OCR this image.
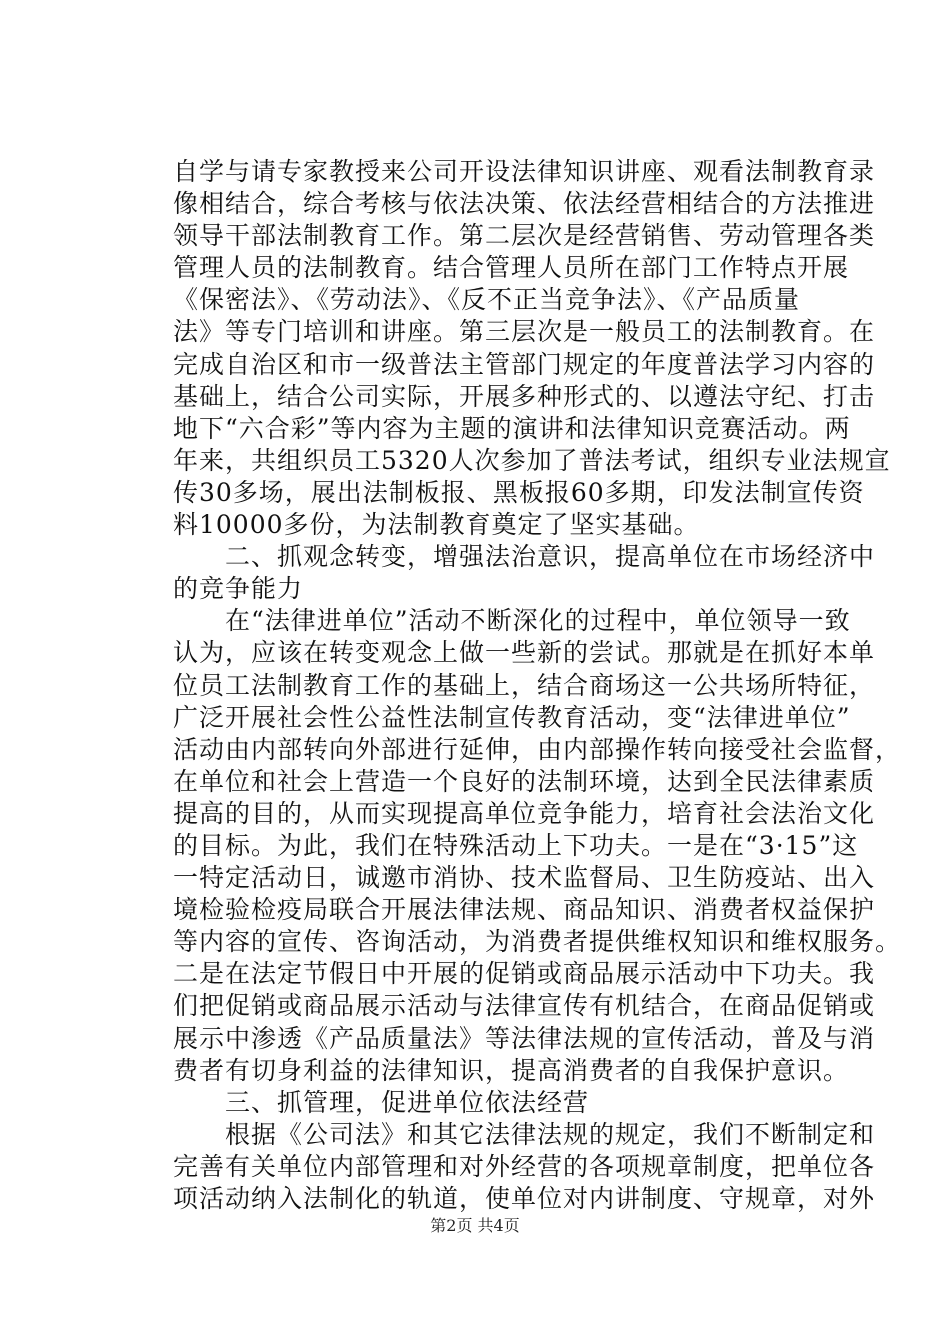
自学与请专家教授来公司开设法律知识讲座、观看法制教育录
像相结合，综合考核与依法决策、依法经营相结合的方法推进
领导干部法制教育工作。第二层次是经营销售、劳动管理各类
管理人员的法制教育。结合管理人员所在部门工作特点开展
《保密法》、《劳动法》、《反不正当竞争法》、《产品质量
法》等专门培训和讲座。第三层次是一般员工的法制教育。在
完成自治区和市一级普法主管部门规定的年度普法学习内容的
基础上，结合公司实际，开展多种形式的、以遵法守纪、打击
地下“六合彩”等内容为主题的演讲和法律知识竞赛活动。两
年来，共组织员工5320人次参加了普法考试，组织专业法规宣
传30多场，展出法制板报、黑板报60多期，印发法制宣传资
料10000多份，为法制教育奠定了坚实基础。
　　二、抓观念转变，增强法治意识，提高单位在市场经济中
的竞争能力
　　在“法律进单位”活动不断深化的过程中，单位领导一致
认为，应该在转变观念上做一些新的尝试。那就是在抓好本单
位员工法制教育工作的基础上，结合商场这一公共场所特征，
广泛开展社会性公益性法制宣传教育活动，变“法律进单位”
活动由内部转向外部进行延伸，由内部操作转向接受社会监督，
在单位和社会上营造一个良好的法制环境，达到全民法律素质
提高的目的，从而实现提高单位竞争能力，培育社会法治文化
的目标。为此，我们在特殊活动上下功夫。一是在“3·15”这
一特定活动日，诚邀市消协、技术监督局、卫生防疫站、出入
境检验检疫局联合开展法律法规、商品知识、消费者权益保护
等内容的宣传、咨询活动，为消费者提供维权知识和维权服务。
二是在法定节假日中开展的促销或商品展示活动中下功夫。我
们把促销或商品展示活动与法律宣传有机结合，在商品促销或
展示中渗透《产品质量法》等法律法规的宣传活动，普及与消
费者有切身利益的法律知识，提高消费者的自我保护意识。
　　三、抓管理，促进单位依法经营
　　根据《公司法》和其它法律法规的规定，我们不断制定和
完善有关单位内部管理和对外经营的各项规章制度，把单位各
项活动纳入法制化的轨道，使单位对内讲制度、守规章，对外
第2页 共4页
